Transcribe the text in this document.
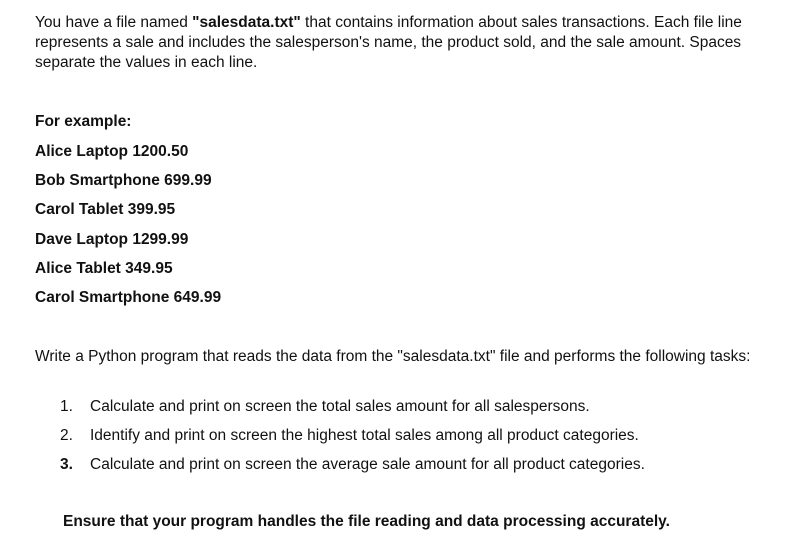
You have a file named "salesdata.txt" that contains information about sales transactions. Each file line represents a sale and includes the salesperson's name, the product sold, and the sale amount. Spaces separate the values in each line.

For example:
Alice Laptop 1200.50
Bob Smartphone 699.99
Carol Tablet 399.95
Dave Laptop 1299.99
Alice Tablet 349.95
Carol Smartphone 649.99

Write a Python program that reads the data from the "salesdata.txt" file and performs the following tasks:

1. Calculate and print on screen the total sales amount for all salespersons.
2. Identify and print on screen the highest total sales among all product categories.
3. Calculate and print on screen the average sale amount for all product categories.
Ensure that your program handles the file reading and data processing accurately.
